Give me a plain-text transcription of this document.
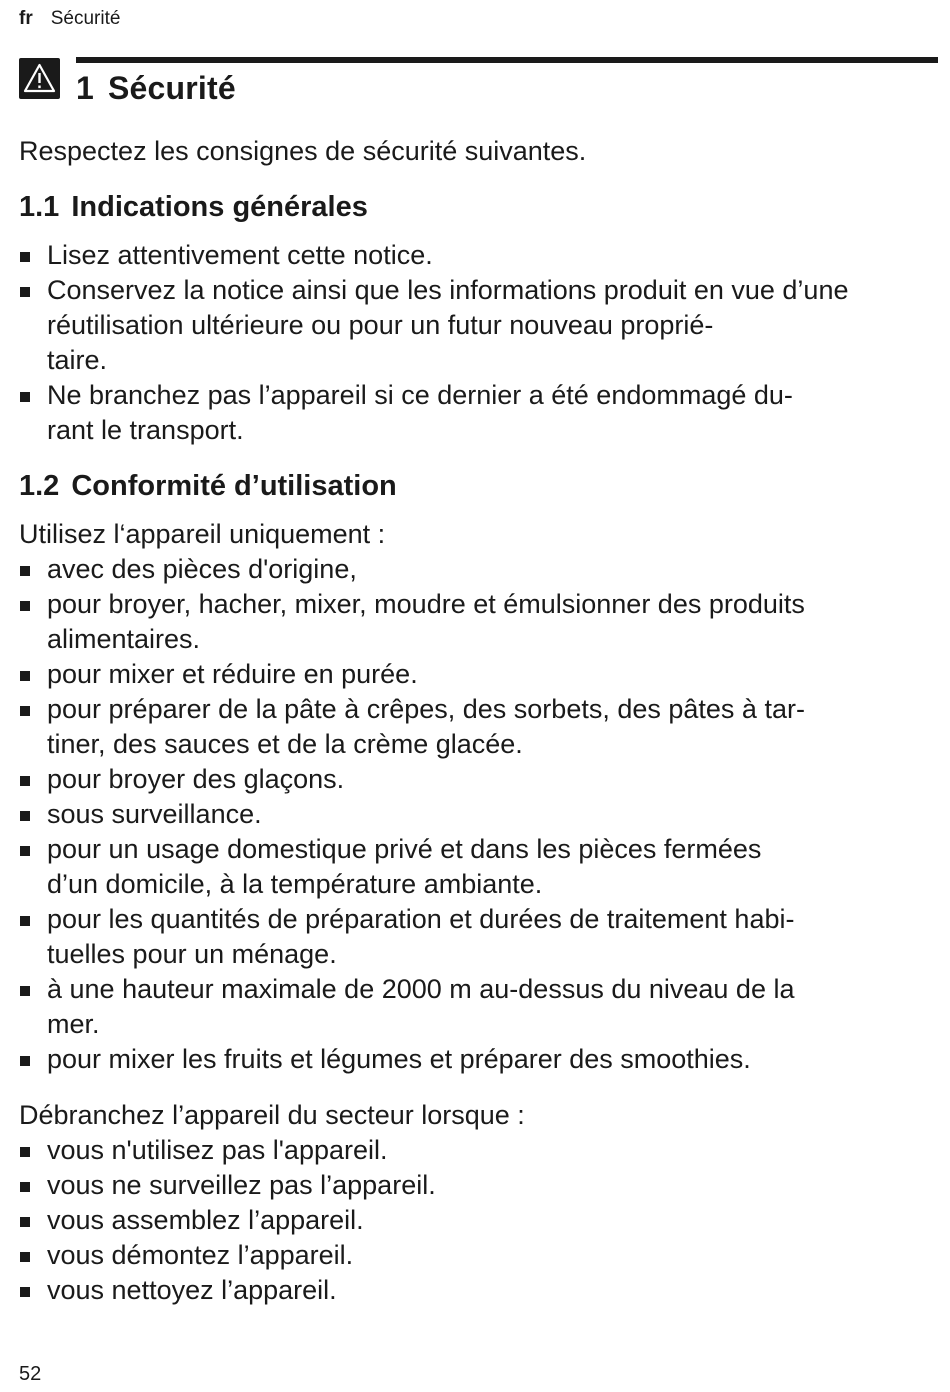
fr Sécurité
1 Sécurité

Respectez les consignes de sécurité suivantes.

1.1 Indications générales
Lisez attentivement cette notice.
Conservez la notice ainsi que les informations produit en vue d’une réutilisation ultérieure ou pour un futur nouveau proprié-
taire.
Ne branchez pas l’appareil si ce dernier a été endommagé du-
rant le transport.
1.2 Conformité d’utilisation

Utilisez l‘appareil uniquement :

avec des pièces d'origine,
pour broyer, hacher, mixer, moudre et émulsionner des produits
alimentaires.
pour mixer et réduire en purée.
pour préparer de la pâte à crêpes, des sorbets, des pâtes à tar-
tiner, des sauces et de la crème glacée.
pour broyer des glaçons.
sous surveillance.
pour un usage domestique privé et dans les pièces fermées
d’un domicile, à la température ambiante.
pour les quantités de préparation et durées de traitement habi-
tuelles pour un ménage.
à une hauteur maximale de 2000 m au-dessus du niveau de la
mer.
pour mixer les fruits et légumes et préparer des smoothies.

Débranchez l’appareil du secteur lorsque :

vous n'utilisez pas l'appareil.
vous ne surveillez pas l’appareil.
vous assemblez l’appareil.
vous démontez l’appareil.
vous nettoyez l’appareil.
52
